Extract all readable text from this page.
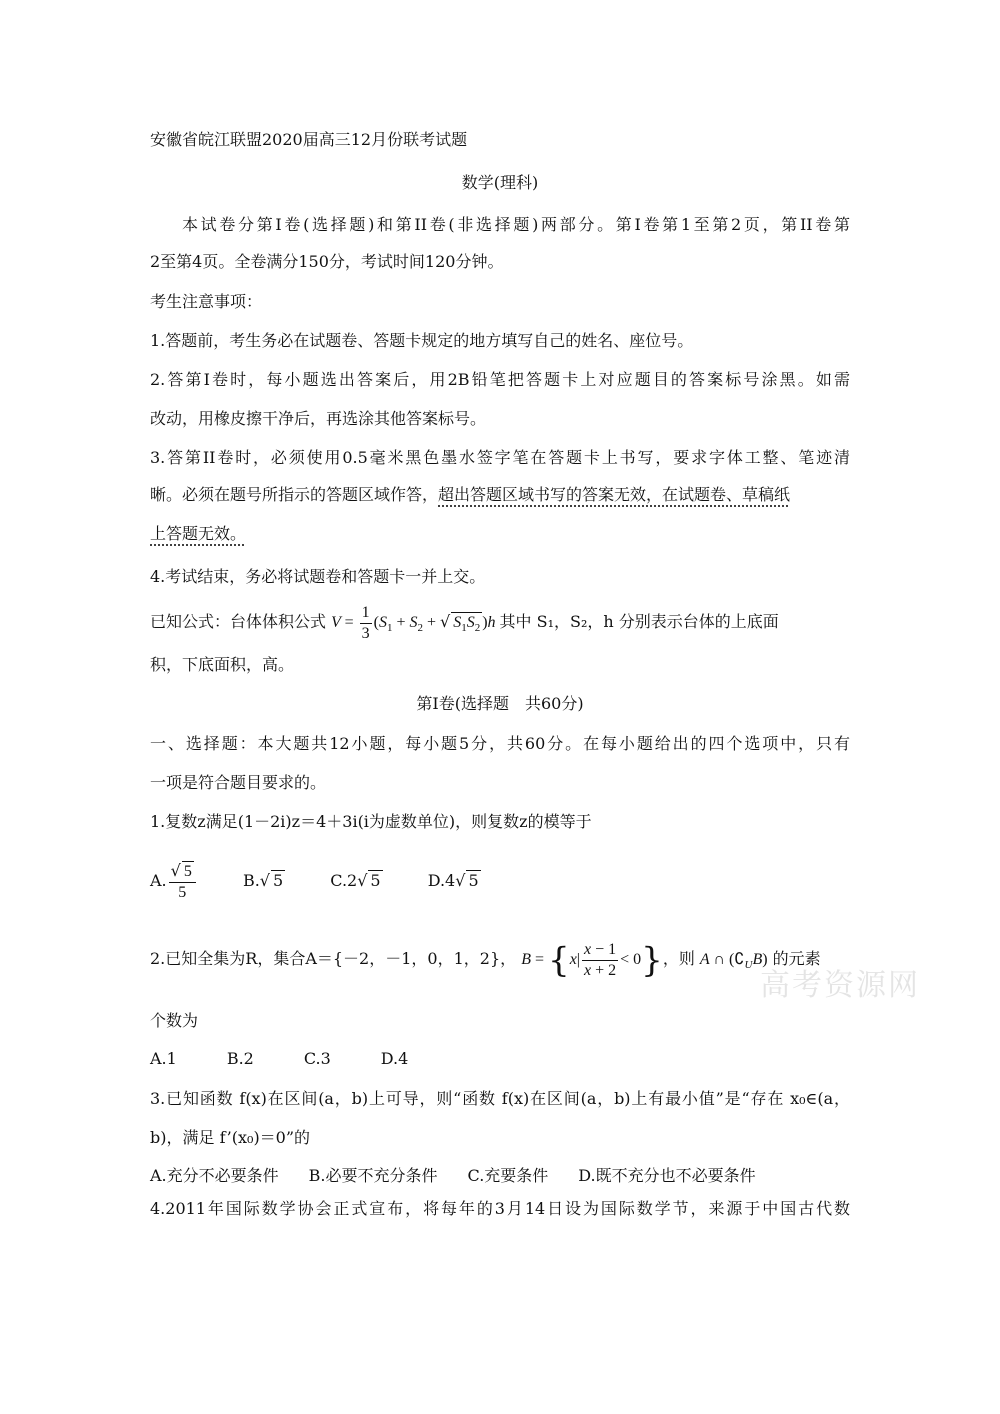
安徽省皖江联盟2020届高三12月份联考试题
数学(理科)
本试卷分第I卷(选择题)和第II卷(非选择题)两部分。第I卷第1至第2页，第II卷第
2至第4页。全卷满分150分，考试时间120分钟。
考生注意事项：
1.答题前，考生务必在试题卷、答题卡规定的地方填写自己的姓名、座位号。
2.答第I卷时，每小题选出答案后，用2B铅笔把答题卡上对应题目的答案标号涂黑。如需
改动，用橡皮擦干净后，再选涂其他答案标号。
3.答第II卷时，必须使用0.5毫米黑色墨水签字笔在答题卡上书写，要求字体工整、笔迹清
晰。必须在题号所指示的答题区域作答，超出答题区域书写的答案无效，在试题卷、草稿纸
上答题无效。
4.考试结束，务必将试题卷和答题卡一并上交。
已知公式：台体体积公式 $V = \frac{1}{3} (S_1 + S_2$ + √ $S_1S_2$ )h 其中 S₁，S₂，h 分别表示台体的上底面
积，下底面积，高。
第I卷(选择题　共60分)
一、选择题：本大题共12小题，每小题5分，共60分。在每小题给出的四个选项中，只有
一项是符合题目要求的。
1.复数z满足(1－2i)z＝4＋3i(i为虚数单位)，则复数z的模等于
A. $\frac{√ 5}{5}$	B.√ 5	C.2√ 5	D.4√ 5
2.已知全集为R，集合A＝{－2，－1，0，1，2}， $B = \{x| \frac{x - 1}{x + 2} < 0\}$，则 A ∩ $(∁_UB)$ 的元素
个数为
A.1	B.2	C.3	D.4
3.已知函数 f(x)在区间(a，b)上可导，则“函数 f(x)在区间(a，b)上有最小值”是“存在 x₀∈(a，
b)，满足 f’(x₀)＝0”的
A.充分不必要条件 B.必要不充分条件 C.充要条件 D.既不充分也不必要条件
4.2011年国际数学协会正式宣布，将每年的3月14日设为国际数学节，来源于中国古代数
高考资源网
